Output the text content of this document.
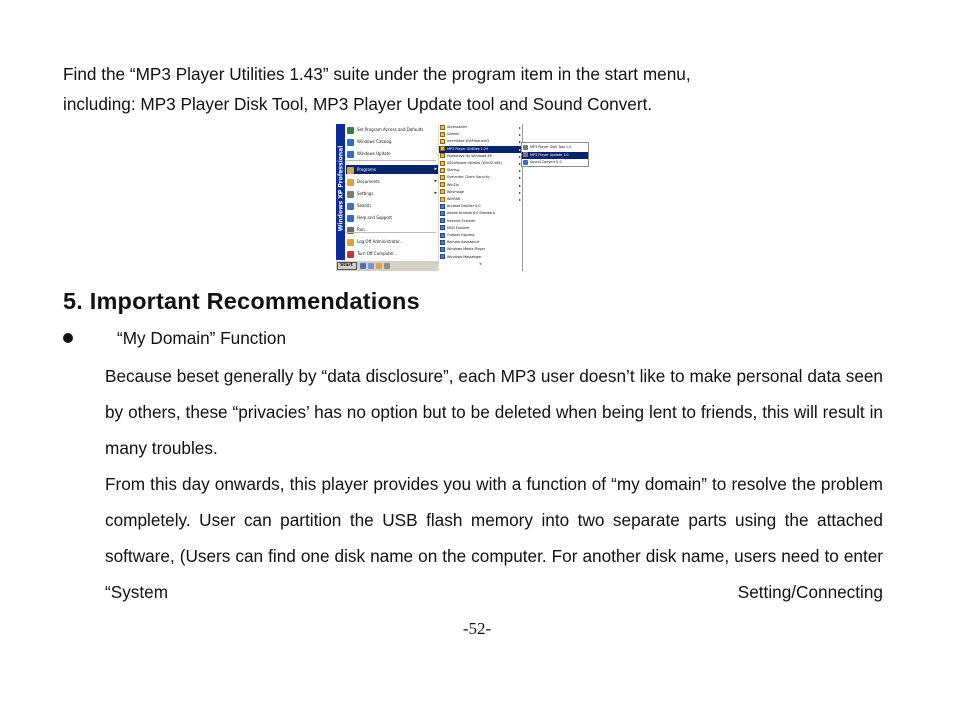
Find the “MP3 Player Utilities 1.43” suite under the program item in the start menu,

including: MP3 Player Disk Tool, MP3 Player Update tool and Sound Convert.

Windows XP Professional
Set Program Access and Defaults
Windows Catalog
Windows Update
Programs	▸
Documents	▸
Settings	▸
Search
Help and Support
Run...
Log Off Administrator...
Turn Off Computer...
Accessories	▸
Games	▸
InterVideo WinProducer3	▸
MP3 Player Utilities 1.29	▸
Powertoys for Windows XP	▸
SSSoftware Utilities (Win32 x86)	▸
Startup	▸
Symantec Client Security	▸
WinZip	▸
WinImage	▸
WinRAR	▸
Acrobat Distiller 6.0
Adobe Acrobat 6.0 Standard
Internet Explorer
MSN Explorer
Outlook Express
Remote Assistance
Windows Media Player
Windows Messenger
¥
MP3 Player Disk Tool 1.0
MP3 Player Update 1.0
Sound Convert 2.0
Start
5. Important Recommendations
“My Domain” Function

Because beset generally by “data disclosure”, each MP3 user doesn’t like to make personal data seen by others, these “privacies’ has no option but to be deleted when being lent to friends, this will result in many troubles.

From this day onwards, this player provides you with a function of “my domain” to resolve the problem completely. User can partition the USB flash memory into two separate parts using the attached software, (Users can find one disk name on the computer. For another disk name, users need to enter “System Setting/Connecting

-52-
